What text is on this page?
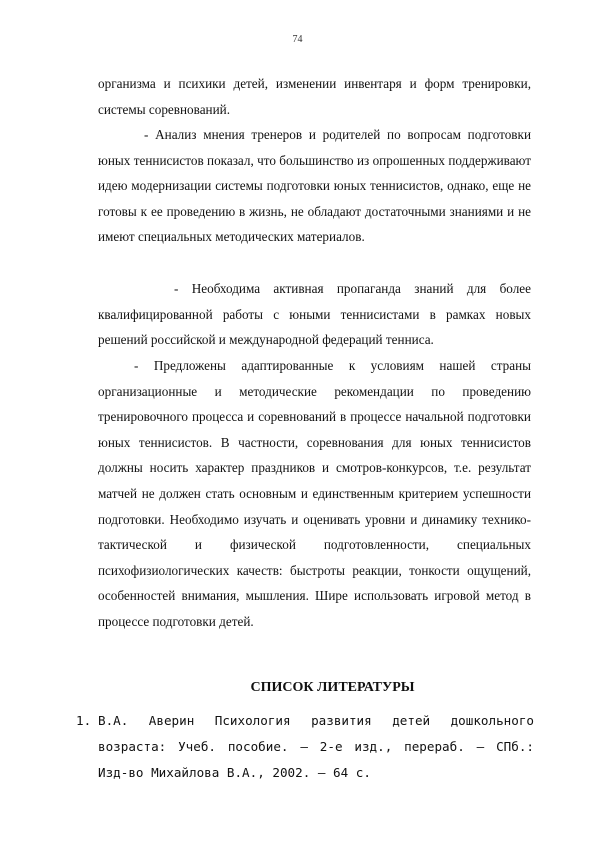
74

организма и психики детей, изменении инвентаря и форм тренировки, системы соревнований.

- Анализ мнения тренеров и родителей по вопросам подготовки юных теннисистов показал, что большинство из опрошенных поддерживают идею модернизации системы подготовки юных теннисистов, однако, еще не готовы к ее проведению в жизнь, не обладают достаточными знаниями и не имеют специальных методических материалов.

- Необходима активная пропаганда знаний для более квалифицированной работы с юными теннисистами в рамках новых решений российской и международной федераций тенниса.

- Предложены адаптированные к условиям нашей страны организационные и методические рекомендации по проведению тренировочного процесса и соревнований в процессе начальной подготовки юных теннисистов. В частности, соревнования для юных теннисистов должны носить характер праздников и смотров-конкурсов, т.е. результат матчей не должен стать основным и единственным критерием успешности подготовки. Необходимо изучать и оценивать уровни и динамику технико-тактической и физической подготовленности, специальных психофизиологических качеств: быстроты реакции, тонкости ощущений, особенностей внимания, мышления. Шире использовать игровой метод в процессе подготовки детей.

СПИСОК ЛИТЕРАТУРЫ
1. В.А. Аверин Психология развития детей дошкольного возраста: Учеб. пособие. – 2-е изд., перераб. – СПб.: Изд-во Михайлова В.А., 2002. – 64 с.
